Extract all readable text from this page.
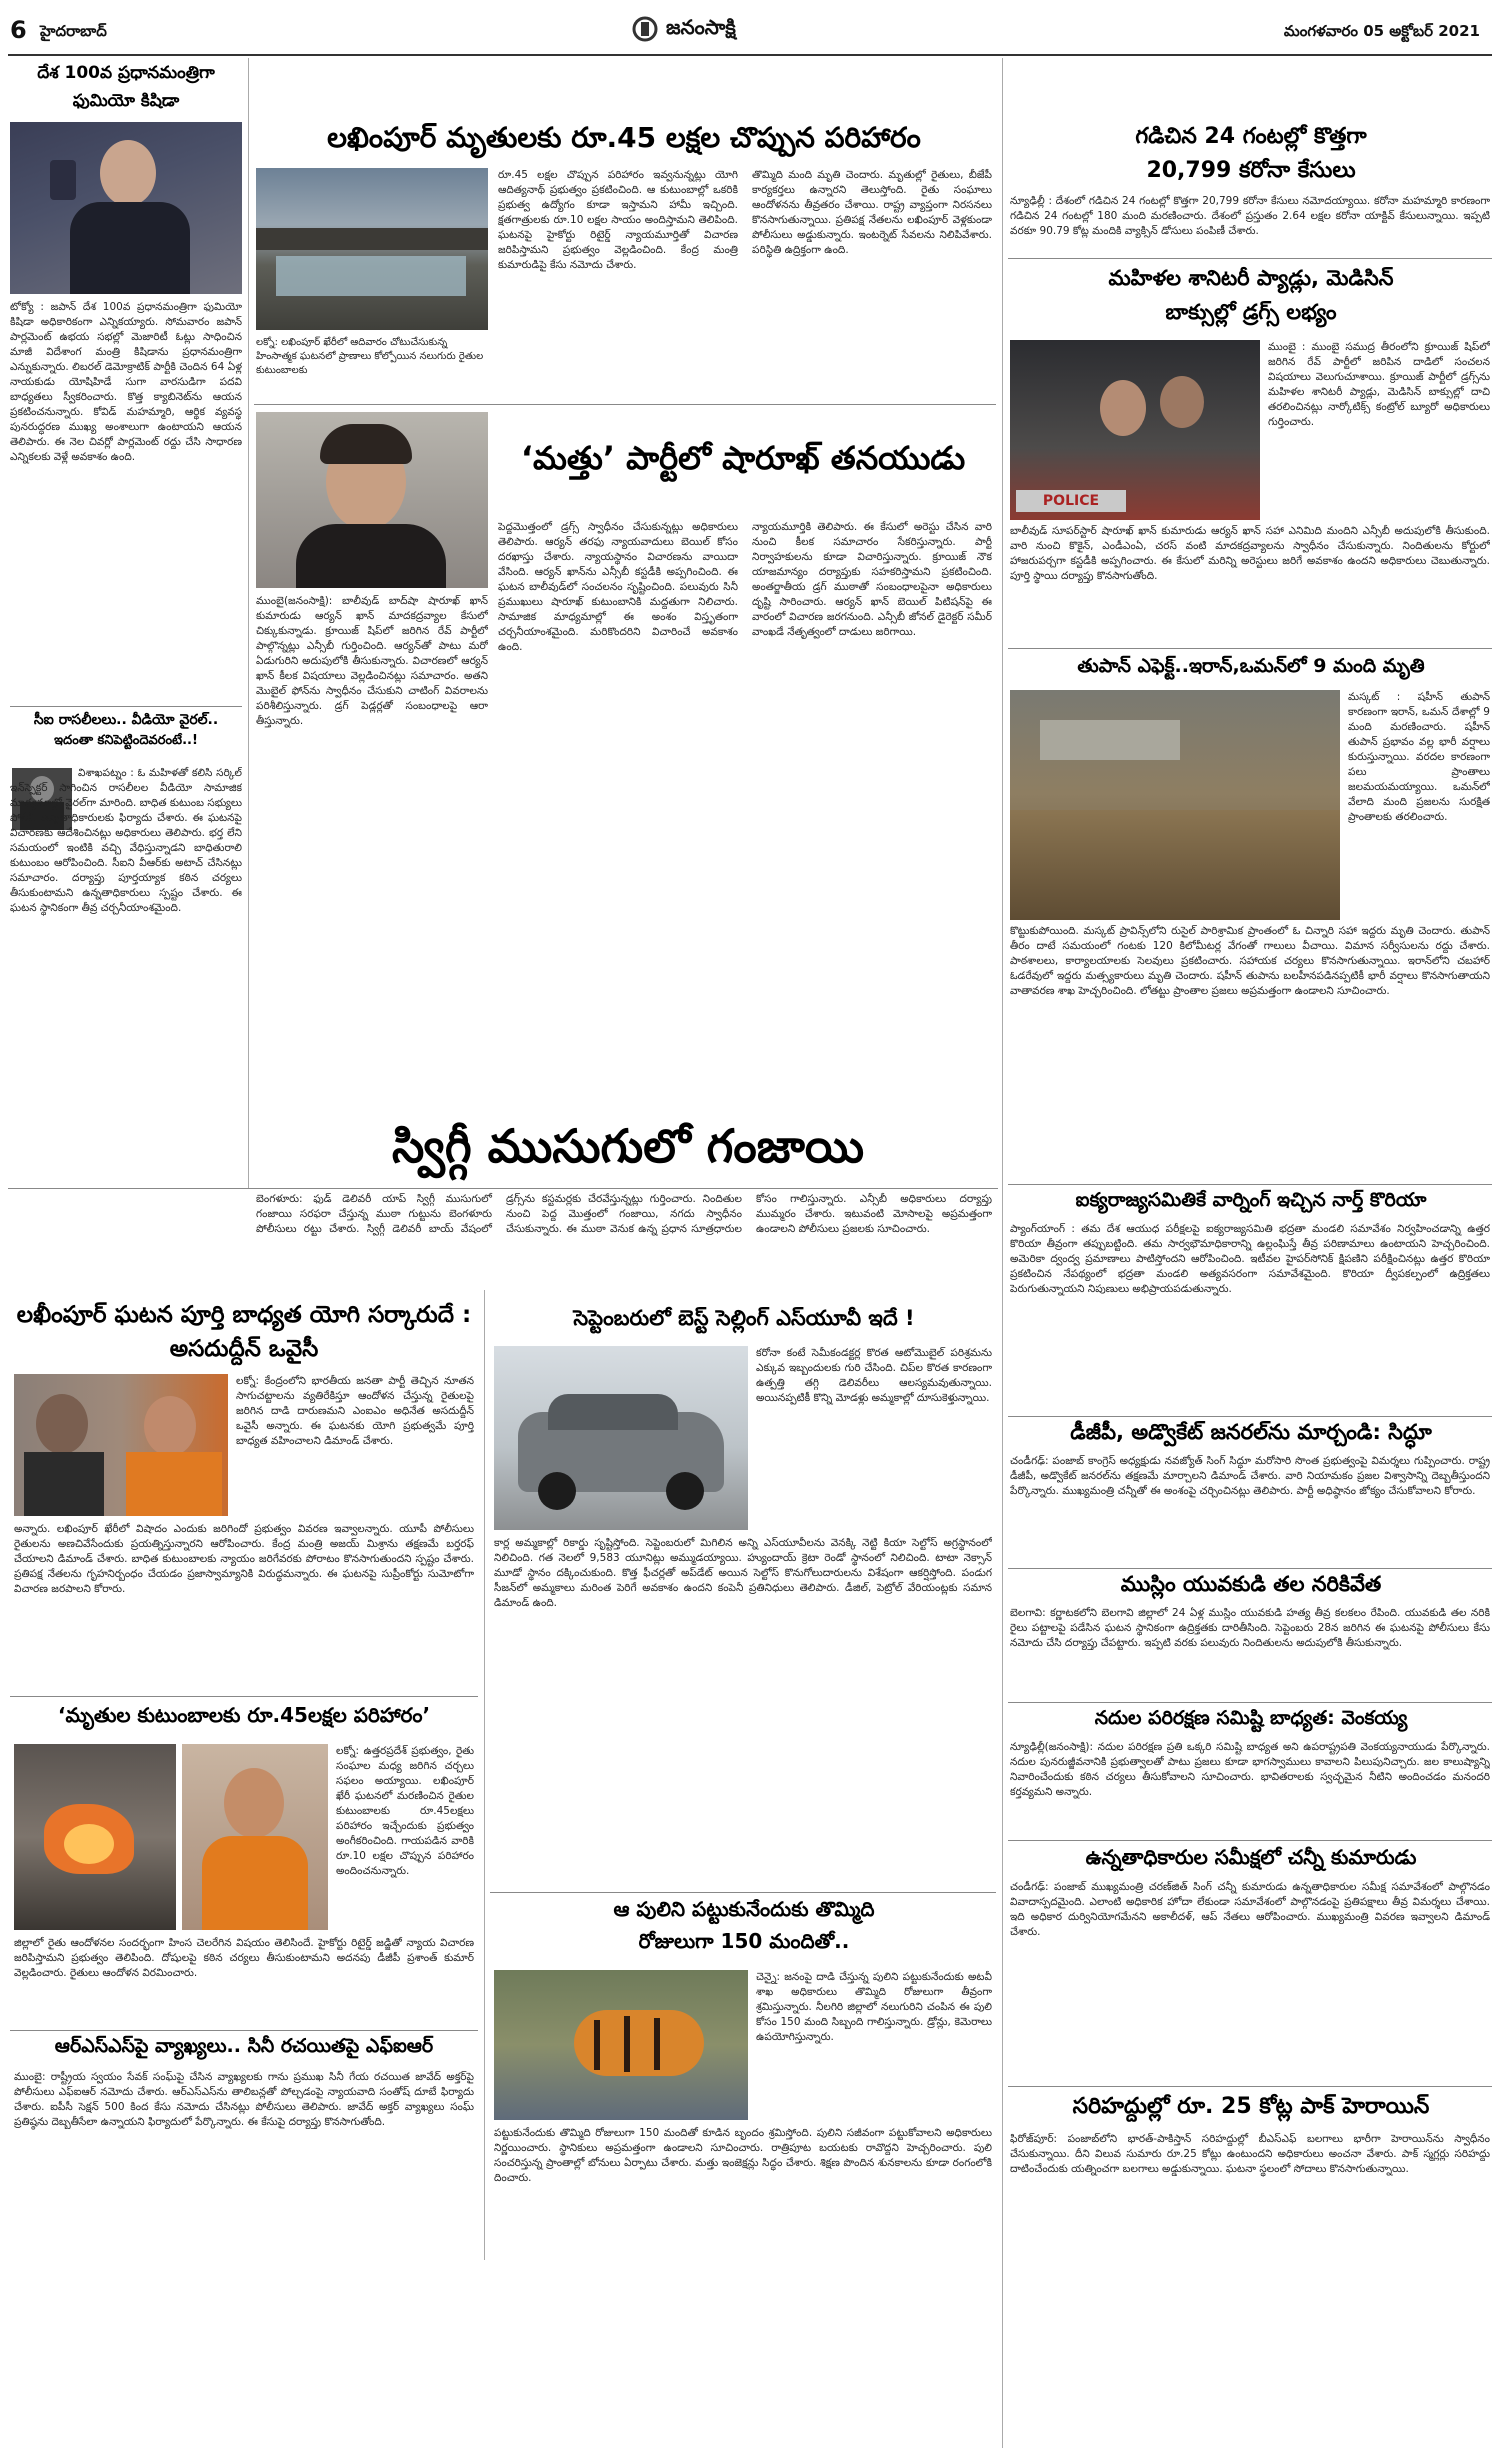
6 హైదరాబాద్	జనంసాక్షి	మంగళవారం 05 అక్టోబర్ 2021
దేశ 100వ ప్రధానమంత్రిగా
ఫుమియో కిషిడా
టోక్యో : జపాన్ దేశ 100వ ప్రధానమంత్రిగా ఫుమియో కిషిడా అధికారికంగా ఎన్నికయ్యారు. సోమవారం జపాన్ పార్లమెంట్ ఉభయ సభల్లో మెజారిటీ ఓట్లు సాధించిన మాజీ విదేశాంగ మంత్రి కిషిడాను ప్రధానమంత్రిగా ఎన్నుకున్నారు. లిబరల్ డెమోక్రాటిక్ పార్టీకి చెందిన 64 ఏళ్ల నాయకుడు యోషిహిడే సుగా వారసుడిగా పదవి బాధ్యతలు స్వీకరించారు. కొత్త క్యాబినెట్‌ను ఆయన ప్రకటించనున్నారు. కోవిడ్ మహమ్మారి, ఆర్థిక వ్యవస్థ పునరుద్ధరణ ముఖ్య అంశాలుగా ఉంటాయని ఆయన తెలిపారు. ఈ నెల చివర్లో పార్లమెంట్ రద్దు చేసి సాధారణ ఎన్నికలకు వెళ్లే అవకాశం ఉంది.
సీఐ రాసలీలలు.. వీడియో వైరల్..
ఇదంతా కనిపెట్టిందెవరంటే..!
విశాఖపట్నం : ఓ మహిళతో కలిసి సర్కిల్ ఇన్‌స్పెక్టర్ సాగించిన రాసలీలల వీడియో సామాజిక మాధ్యమాల్లో వైరల్‌గా మారింది. బాధిత కుటుంబ సభ్యులు పోలీస్ ఉన్నతాధికారులకు ఫిర్యాదు చేశారు. ఈ ఘటనపై విచారణకు ఆదేశించినట్లు అధికారులు తెలిపారు. భర్త లేని సమయంలో ఇంటికి వచ్చి వేధిస్తున్నాడని బాధితురాలి కుటుంబం ఆరోపించింది. సీఐని వీఆర్‌కు అటాచ్ చేసినట్లు సమాచారం. దర్యాప్తు పూర్తయ్యాక కఠిన చర్యలు తీసుకుంటామని ఉన్నతాధికారులు స్పష్టం చేశారు. ఈ ఘటన స్థానికంగా తీవ్ర చర్చనీయాంశమైంది.
లఖింపూర్ మృతులకు రూ.45 లక్షల చొప్పున పరిహారం
లక్నో: లఖింపూర్ ఖేరీలో ఆదివారం చోటుచేసుకున్న హింసాత్మక ఘటనలో ప్రాణాలు కోల్పోయిన నలుగురు రైతుల కుటుంబాలకు
రూ.45 లక్షల చొప్పున పరిహారం ఇవ్వనున్నట్లు యోగి ఆదిత్యనాథ్ ప్రభుత్వం ప్రకటించింది. ఆ కుటుంబాల్లో ఒకరికి ప్రభుత్వ ఉద్యోగం కూడా ఇస్తామని హామీ ఇచ్చింది. క్షతగాత్రులకు రూ.10 లక్షల సాయం అందిస్తామని తెలిపింది. ఘటనపై హైకోర్టు రిటైర్డ్ న్యాయమూర్తితో విచారణ జరిపిస్తామని ప్రభుత్వం వెల్లడించింది. కేంద్ర మంత్రి కుమారుడిపై కేసు నమోదు చేశారు.
తొమ్మిది మంది మృతి చెందారు. మృతుల్లో రైతులు, బీజేపీ కార్యకర్తలు ఉన్నారని తెలుస్తోంది. రైతు సంఘాలు ఆందోళనను తీవ్రతరం చేశాయి. రాష్ట్ర వ్యాప్తంగా నిరసనలు కొనసాగుతున్నాయి. ప్రతిపక్ష నేతలను లఖింపూర్ వెళ్లకుండా పోలీసులు అడ్డుకున్నారు. ఇంటర్నెట్ సేవలను నిలిపివేశారు. పరిస్థితి ఉద్రిక్తంగా ఉంది.
‘మత్తు’ పార్టీలో షారూఖ్ తనయుడు
ముంబై(జనంసాక్షి): బాలీవుడ్ బాద్‌షా షారూఖ్ ఖాన్ కుమారుడు ఆర్యన్ ఖాన్ మాదకద్రవ్యాల కేసులో చిక్కుకున్నాడు. క్రూయిజ్ షిప్‌లో జరిగిన రేవ్ పార్టీలో పాల్గొన్నట్లు ఎన్సీబీ గుర్తించింది. ఆర్యన్‌తో పాటు మరో ఏడుగురిని అదుపులోకి తీసుకున్నారు. విచారణలో ఆర్యన్ ఖాన్ కీలక విషయాలు వెల్లడించినట్లు సమాచారం. అతని మొబైల్ ఫోన్‌ను స్వాధీనం చేసుకుని చాటింగ్ వివరాలను పరిశీలిస్తున్నారు. డ్రగ్ పెడ్లర్లతో సంబంధాలపై ఆరా తీస్తున్నారు.
పెద్దమొత్తంలో డ్రగ్స్ స్వాధీనం చేసుకున్నట్లు అధికారులు తెలిపారు. ఆర్యన్ తరఫు న్యాయవాదులు బెయిల్ కోసం దరఖాస్తు చేశారు. న్యాయస్థానం విచారణను వాయిదా వేసింది. ఆర్యన్ ఖాన్‌ను ఎన్సీబీ కస్టడీకి అప్పగించింది. ఈ ఘటన బాలీవుడ్‌లో సంచలనం సృష్టించింది. పలువురు సినీ ప్రముఖులు షారూఖ్ కుటుంబానికి మద్దతుగా నిలిచారు. సామాజిక మాధ్యమాల్లో ఈ అంశం విస్తృతంగా చర్చనీయాంశమైంది. మరికొందరిని విచారించే అవకాశం ఉంది.
న్యాయమూర్తికి తెలిపారు. ఈ కేసులో అరెస్టు చేసిన వారి నుంచి కీలక సమాచారం సేకరిస్తున్నారు. పార్టీ నిర్వాహకులను కూడా విచారిస్తున్నారు. క్రూయిజ్ నౌక యాజమాన్యం దర్యాప్తుకు సహకరిస్తామని ప్రకటించింది. అంతర్జాతీయ డ్రగ్ ముఠాతో సంబంధాలపైనా అధికారులు దృష్టి సారించారు. ఆర్యన్ ఖాన్ బెయిల్ పిటిషన్‌పై ఈ వారంలో విచారణ జరగనుంది. ఎన్సీబీ జోనల్ డైరెక్టర్ సమీర్ వాంఖడే నేతృత్వంలో దాడులు జరిగాయి.
స్విగ్గీ ముసుగులో గంజాయి
బెంగళూరు: ఫుడ్ డెలివరీ యాప్ స్విగ్గీ ముసుగులో గంజాయి సరఫరా చేస్తున్న ముఠా గుట్టును బెంగళూరు పోలీసులు రట్టు చేశారు. స్విగ్గీ డెలివరీ బాయ్ ‌‌‌‌‌‌‌‌‌‌‌‌‌‌‌‌‌‌‌‌‌‌‌‌‌‌‌‌‌‌‌‌‌‌‌‌‌‌‌‌‌‌‌‌‌‌‌‌‌‌‌‌‌‌‌‌‌‌‌‌‌‌‌‌‌‌‌‌‌‌‌‌వేషంలో డ్రగ్స్‌ను కస్టమర్లకు చేరవేస్తున్నట్లు గుర్తించారు. నిందితుల నుంచి పెద్ద మొత్తంలో గంజాయి, నగదు స్వాధీనం చేసుకున్నారు. ఈ ముఠా వెనుక ఉన్న ప్రధాన సూత్రధారుల కోసం గాలిస్తున్నారు. ఎన్సీబీ అధికారులు దర్యాప్తు ముమ్మరం చేశారు. ఇటువంటి మోసాలపై అప్రమత్తంగా ఉండాలని పోలీసులు ప్రజలకు సూచించారు.
గడిచిన 24 గంటల్లో కొత్తగా
20,799 కరోనా కేసులు
న్యూఢిల్లీ : దేశంలో గడిచిన 24 గంటల్లో కొత్తగా 20,799 కరోనా కేసులు నమోదయ్యాయి. కరోనా మహమ్మారి కారణంగా గడిచిన 24 గంటల్లో 180 మంది మరణించారు. దేశంలో ప్రస్తుతం 2.64 లక్షల కరోనా యాక్టివ్ కేసులున్నాయి. ఇప్పటి వరకూ 90.79 కోట్ల మందికి వ్యాక్సిన్ డోసులు పంపిణీ చేశారు.
మహిళల శానిటరీ ప్యాడ్లు, మెడిసిన్
బాక్సుల్లో డ్రగ్స్ లభ్యం
POLICE
ముంబై : ముంబై సముద్ర తీరంలోని క్రూయిజ్ షిప్‌లో జరిగిన రేవ్ పార్టీలో జరిపిన దాడిలో సంచలన విషయాలు వెలుగుచూశాయి. క్రూయిజ్ పార్టీలో డ్రగ్స్‌ను మహిళల శానిటరీ ప్యాడ్లు, మెడిసిన్ బాక్సుల్లో దాచి తరలించినట్లు నార్కోటిక్స్ కంట్రోల్ బ్యూరో అధికారులు గుర్తించారు.
బాలీవుడ్ సూపర్‌స్టార్ షారూఖ్ ఖాన్ కుమారుడు ఆర్యన్ ఖాన్ సహా ఎనిమిది మందిని ఎన్సీబీ అదుపులోకి తీసుకుంది. వారి నుంచి కొకైన్, ఎండీఎంఏ, చరస్ వంటి మాదకద్రవ్యాలను స్వాధీనం చేసుకున్నారు. నిందితులను కోర్టులో హాజరుపర్చగా కస్టడీకి అప్పగించారు. ఈ కేసులో మరిన్ని అరెస్టులు జరిగే అవకాశం ఉందని అధికారులు చెబుతున్నారు. పూర్తి స్థాయి దర్యాప్తు కొనసాగుతోంది.
తుపాన్ ఎఫెక్ట్..ఇరాన్,ఒమన్‌లో 9 మంది మృతి
మస్కట్ : షహీన్ తుపాన్ కారణంగా ఇరాన్, ఒమన్ దేశాల్లో 9 మంది మరణించారు. షహీన్ తుపాన్ ప్రభావం వల్ల భారీ వర్షాలు కురుస్తున్నాయి. వరదల కారణంగా పలు ప్రాంతాలు జలమయమయ్యాయి. ఒమన్‌లో వేలాది మంది ప్రజలను సురక్షిత ప్రాంతాలకు తరలించారు.
కొట్టుకుపోయింది. మస్కట్ ప్రావిన్స్‌లోని రుసైల్ పారిశ్రామిక ప్రాంతంలో ఓ చిన్నారి సహా ఇద్దరు మృతి చెందారు. తుపాన్ తీరం దాటే సమయంలో గంటకు 120 కిలోమీటర్ల వేగంతో గాలులు వీచాయి. విమాన సర్వీసులను రద్దు చేశారు. పాఠశాలలు, కార్యాలయాలకు సెలవులు ప్రకటించారు. సహాయక చర్యలు కొనసాగుతున్నాయి. ఇరాన్‌లోని చబహార్ ఓడరేవులో ఇద్దరు మత్స్యకారులు మృతి చెందారు. షహీన్ తుపాను బలహీనపడినప్పటికీ భారీ వర్షాలు కొనసాగుతాయని వాతావరణ శాఖ హెచ్చరించింది. లోతట్టు ప్రాంతాల ప్రజలు అప్రమత్తంగా ఉండాలని సూచించారు.
ఐక్యరాజ్యసమితికే వార్నింగ్ ఇచ్చిన నార్త్ కొరియా
ప్యాంగ్‌యాంగ్ : తమ దేశ ఆయుధ పరీక్షలపై ఐక్యరాజ్యసమితి భద్రతా మండలి సమావేశం నిర్వహించడాన్ని ఉత్తర కొరియా తీవ్రంగా తప్పుబట్టింది. తమ సార్వభౌమాధికారాన్ని ఉల్లంఘిస్తే తీవ్ర పరిణామాలు ఉంటాయని హెచ్చరించింది. అమెరికా ద్వంద్వ ప్రమాణాలు పాటిస్తోందని ఆరోపించింది. ఇటీవల హైపర్‌సోనిక్ క్షిపణిని పరీక్షించినట్లు ఉత్తర కొరియా ప్రకటించిన నేపథ్యంలో భద్రతా మండలి అత్యవసరంగా సమావేశమైంది. కొరియా ద్వీపకల్పంలో ఉద్రిక్తతలు పెరుగుతున్నాయని నిపుణులు అభిప్రాయపడుతున్నారు.
డీజీపీ, అడ్వొకేట్ జనరల్‌ను మార్చండి: సిద్ధూ
చండీగఢ్: పంజాబ్ కాంగ్రెస్ అధ్యక్షుడు నవజ్యోత్ సింగ్ సిద్ధూ మరోసారి సొంత ప్రభుత్వంపై విమర్శలు గుప్పించారు. రాష్ట్ర డీజీపీ, అడ్వొకేట్ జనరల్‌ను తక్షణమే మార్చాలని డిమాండ్ చేశారు. వారి నియామకం ప్రజల విశ్వాసాన్ని దెబ్బతీస్తుందని పేర్కొన్నారు. ముఖ్యమంత్రి చన్నీతో ఈ అంశంపై చర్చించినట్లు తెలిపారు. పార్టీ అధిష్ఠానం జోక్యం చేసుకోవాలని కోరారు.
ముస్లిం యువకుడి తల నరికివేత
బెలగావి: కర్ణాటకలోని బెలగావి జిల్లాలో 24 ఏళ్ల ముస్లిం యువకుడి హత్య తీవ్ర కలకలం రేపింది. యువకుడి తల నరికి రైలు పట్టాలపై పడేసిన ఘటన స్థానికంగా ఉద్రిక్తతకు దారితీసింది. సెప్టెంబరు 28న జరిగిన ఈ ఘటనపై పోలీసులు కేసు నమోదు చేసి దర్యాప్తు చేపట్టారు. ఇప్పటి వరకు పలువురు నిందితులను అదుపులోకి తీసుకున్నారు.
నదుల పరిరక్షణ సమిష్టి బాధ్యత: వెంకయ్య
న్యూఢిల్లీ(జనంసాక్షి): నదుల పరిరక్షణ ప్రతి ఒక్కరి సమిష్టి బాధ్యత అని ఉపరాష్ట్రపతి వెంకయ్యనాయుడు పేర్కొన్నారు. నదుల పునరుజ్జీవనానికి ప్రభుత్వాలతో పాటు ప్రజలు కూడా భాగస్వాములు కావాలని పిలుపునిచ్చారు. జల కాలుష్యాన్ని నివారించేందుకు కఠిన చర్యలు తీసుకోవాలని సూచించారు. భావితరాలకు స్వచ్ఛమైన నీటిని అందించడం మనందరి కర్తవ్యమని అన్నారు.
ఉన్నతాధికారుల సమీక్షలో చన్నీ కుమారుడు
చండీగఢ్: పంజాబ్ ముఖ్యమంత్రి చరణ్‌జిత్ సింగ్ చన్నీ కుమారుడు ఉన్నతాధికారుల సమీక్ష సమావేశంలో పాల్గొనడం వివాదాస్పదమైంది. ఎలాంటి అధికారిక హోదా లేకుండా సమావేశంలో పాల్గొనడంపై ప్రతిపక్షాలు తీవ్ర విమర్శలు చేశాయి. ఇది అధికార దుర్వినియోగమేనని అకాలీదళ్, ఆప్ నేతలు ఆరోపించారు. ముఖ్యమంత్రి వివరణ ఇవ్వాలని డిమాండ్ చేశారు.
సరిహద్దుల్లో రూ. 25 కోట్ల పాక్ హెరాయిన్
ఫిరోజ్‌పూర్: పంజాబ్‌లోని భారత్-పాకిస్తాన్ సరిహద్దుల్లో బీఎస్ఎఫ్ బలగాలు భారీగా హెరాయిన్‌ను స్వాధీనం చేసుకున్నాయి. దీని విలువ సుమారు రూ.25 కోట్లు ఉంటుందని అధికారులు అంచనా వేశారు. పాక్ స్మగ్లర్లు సరిహద్దు దాటించేందుకు యత్నించగా బలగాలు అడ్డుకున్నాయి. ఘటనా స్థలంలో సోదాలు కొనసాగుతున్నాయి.
లఖీంపూర్ ఘటన పూర్తి బాధ్యత యోగి సర్కారుదే : అసదుద్దీన్ ఒవైసీ
లక్నో: కేంద్రంలోని భారతీయ జనతా పార్టీ తెచ్చిన నూతన సాగుచట్టాలను వ్యతిరేకిస్తూ ఆందోళన చేస్తున్న రైతులపై జరిగిన దాడి దారుణమని ఎంఐఎం అధినేత అసదుద్దీన్ ఒవైసీ అన్నారు. ఈ ఘటనకు యోగి ప్రభుత్వమే పూర్తి బాధ్యత వహించాలని డిమాండ్ చేశారు.
అన్నారు. లఖింపూర్ ఖేరీలో విషాదం ఎందుకు జరిగిందో ప్రభుత్వం వివరణ ఇవ్వాలన్నారు. యూపీ పోలీసులు రైతులను అణచివేసేందుకు ప్రయత్నిస్తున్నారని ఆరోపించారు. కేంద్ర మంత్రి అజయ్ మిశ్రాను తక్షణమే బర్తరఫ్ చేయాలని డిమాండ్ చేశారు. బాధిత కుటుంబాలకు న్యాయం జరిగేవరకు పోరాటం కొనసాగుతుందని స్పష్టం చేశారు. ప్రతిపక్ష నేతలను గృహనిర్బంధం చేయడం ప్రజాస్వామ్యానికి విరుద్ధమన్నారు. ఈ ఘటనపై సుప్రీంకోర్టు సుమోటోగా విచారణ జరపాలని కోరారు.
‘మృతుల కుటుంబాలకు రూ.45లక్షల పరిహారం’
లక్నో: ఉత్తరప్రదేశ్ ప్రభుత్వం, రైతు సంఘాల మధ్య జరిగిన చర్చలు సఫలం అయ్యాయి. లఖింపూర్ ఖేరీ ఘటనలో మరణించిన రైతుల కుటుంబాలకు రూ.45లక్షలు పరిహారం ఇచ్చేందుకు ప్రభుత్వం అంగీకరించింది. గాయపడిన వారికి రూ.10 లక్షల చొప్పున పరిహారం అందించనున్నారు.
జిల్లాలో రైతు ఆందోళనల సందర్భంగా హింస చెలరేగిన విషయం తెలిసిందే. హైకోర్టు రిటైర్డ్ జడ్జితో న్యాయ విచారణ జరిపిస్తామని ప్రభుత్వం తెలిపింది. దోషులపై కఠిన చర్యలు తీసుకుంటామని అదనపు డీజీపీ ప్రశాంత్ కుమార్ వెల్లడించారు. రైతులు ఆందోళన విరమించారు.
ఆర్ఎస్ఎస్‌పై వ్యాఖ్యలు.. సినీ రచయితపై ఎఫ్ఐఆర్
ముంబై: రాష్ట్రీయ స్వయం సేవక్ సంఘ్‌పై చేసిన వ్యాఖ్యలకు గాను ప్రముఖ సినీ గేయ రచయిత జావేద్ అక్తర్‌పై పోలీసులు ఎఫ్ఐఆర్ నమోదు చేశారు. ఆర్ఎస్ఎస్‌ను తాలిబన్లతో పోల్చడంపై న్యాయవాది సంతోష్ దూబే ఫిర్యాదు చేశారు. ఐపీసీ సెక్షన్ 500 కింద కేసు నమోదు చేసినట్లు పోలీసులు తెలిపారు. జావేద్ అక్తర్ వ్యాఖ్యలు సంఘ్ ప్రతిష్ఠను దెబ్బతీసేలా ఉన్నాయని ఫిర్యాదులో పేర్కొన్నారు. ఈ కేసుపై దర్యాప్తు కొనసాగుతోంది.
సెప్టెంబరులో బెస్ట్ సెల్లింగ్ ఎస్‌యూవీ ఇదే !
కరోనా కంటే సెమీకండక్టర్ల కొరత ఆటోమొబైల్ పరిశ్రమను ఎక్కువ ఇబ్బందులకు గురి చేసింది. చిప్‌ల కొరత కారణంగా ఉత్పత్తి తగ్గి డెలివరీలు ఆలస్యమవుతున్నాయి. అయినప్పటికీ కొన్ని మోడళ్లు అమ్మకాల్లో దూసుకెళ్తున్నాయి.
కార్ల అమ్మకాల్లో రికార్డు సృష్టిస్తోంది. సెప్టెంబరులో మిగిలిన అన్ని ఎస్‌యూవీలను వెనక్కి నెట్టి కియా సెల్టోస్ అగ్రస్థానంలో నిలిచింది. గత నెలలో 9,583 యూనిట్లు అమ్ముడయ్యాయి. హ్యుందాయ్ క్రెటా రెండో స్థానంలో నిలిచింది. టాటా నెక్సాన్ మూడో స్థానం దక్కించుకుంది. కొత్త ఫీచర్లతో అప్‌డేట్ అయిన సెల్టోస్ కొనుగోలుదారులను విశేషంగా ఆకర్షిస్తోంది. పండుగ సీజన్‌లో అమ్మకాలు మరింత పెరిగే అవకాశం ఉందని కంపెనీ ప్రతినిధులు తెలిపారు. డీజిల్, పెట్రోల్ వేరియంట్లకు సమాన డిమాండ్ ఉంది.
ఆ పులిని పట్టుకునేందుకు తొమ్మిది
రోజులుగా 150 మందితో..
చెన్నై: జనంపై దాడి చేస్తున్న పులిని పట్టుకునేందుకు అటవీ శాఖ అధికారులు తొమ్మిది రోజులుగా తీవ్రంగా శ్రమిస్తున్నారు. నీలగిరి జిల్లాలో నలుగురిని చంపిన ఈ పులి కోసం 150 మంది సిబ్బంది గాలిస్తున్నారు. డ్రోన్లు, కెమెరాలు ఉపయోగిస్తున్నారు.
పట్టుకునేందుకు తొమ్మిది రోజులుగా 150 మందితో కూడిన బృందం శ్రమిస్తోంది. పులిని సజీవంగా పట్టుకోవాలని అధికారులు నిర్ణయించారు. స్థానికులు అప్రమత్తంగా ఉండాలని సూచించారు. రాత్రిపూట బయటకు రావొద్దని హెచ్చరించారు. పులి సంచరిస్తున్న ప్రాంతాల్లో బోనులు ఏర్పాటు చేశారు. మత్తు ఇంజెక్షన్లు సిద్ధం చేశారు. శిక్షణ పొందిన శునకాలను కూడా రంగంలోకి దించారు.
